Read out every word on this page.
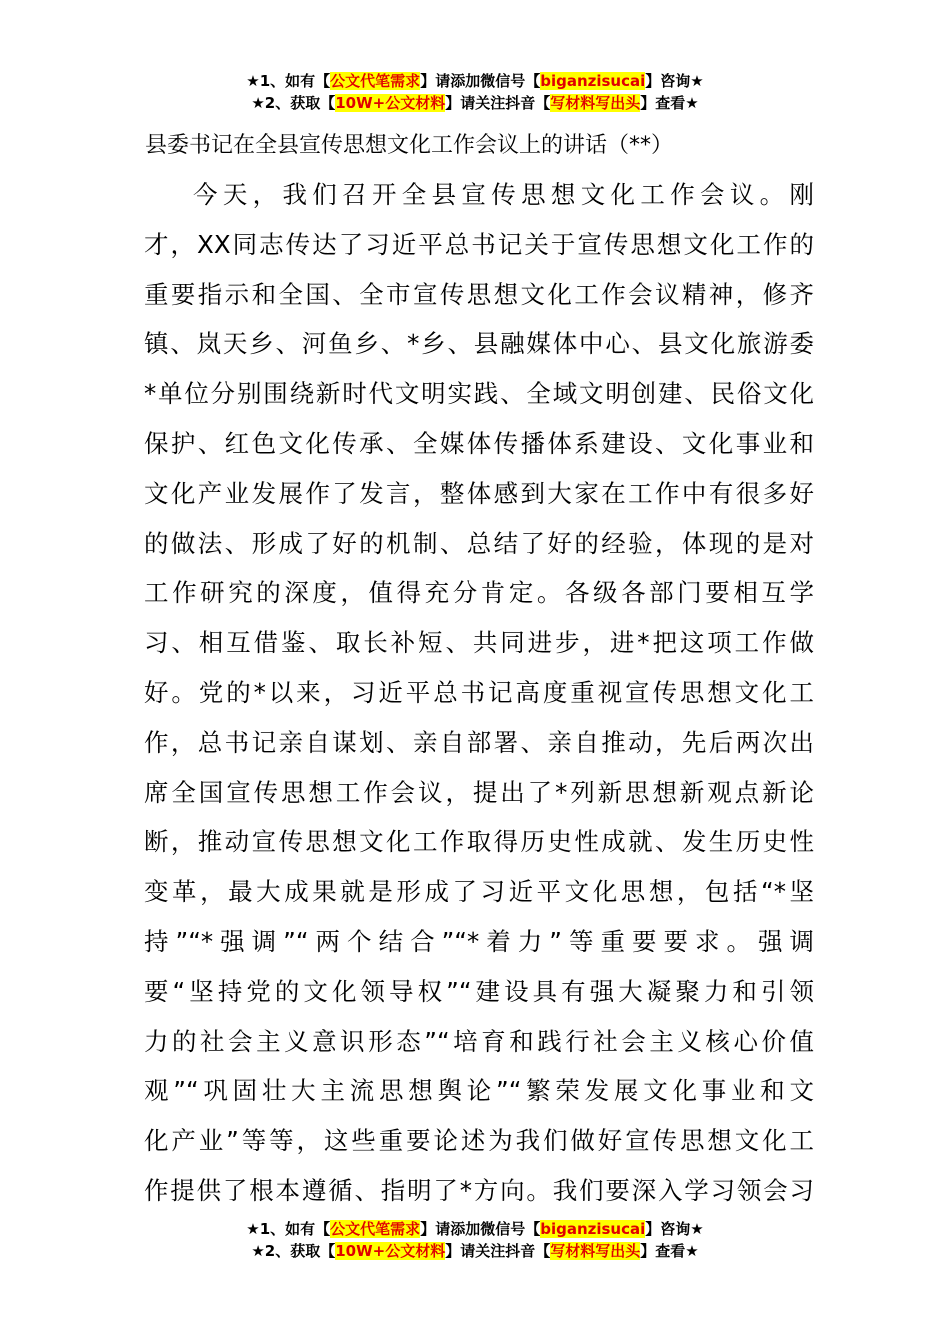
★1、如有【公文代笔需求】请添加微信号【biganzisucai】咨询★
★2、获取【10W+公文材料】请关注抖音【写材料写出头】查看★
县委书记在全县宣传思想文化工作会议上的讲话（**）
今天，我们召开全县宣传思想文化工作会议。刚
才，XX同志传达了习近平总书记关于宣传思想文化工作的
重要指示和全国、全市宣传思想文化工作会议精神，修齐
镇、岚天乡、河鱼乡、*乡、县融媒体中心、县文化旅游委
*单位分别围绕新时代文明实践、全域文明创建、民俗文化
保护、红色文化传承、全媒体传播体系建设、文化事业和
文化产业发展作了发言，整体感到大家在工作中有很多好
的做法、形成了好的机制、总结了好的经验，体现的是对
工作研究的深度，值得充分肯定。各级各部门要相互学
习、相互借鉴、取长补短、共同进步，进*把这项工作做
好。党的*以来，习近平总书记高度重视宣传思想文化工
作，总书记亲自谋划、亲自部署、亲自推动，先后两次出
席全国宣传思想工作会议，提出了*列新思想新观点新论
断，推动宣传思想文化工作取得历史性成就、发生历史性
变革，最大成果就是形成了习近平文化思想，包括“*坚
持”“*强调”“两个结合”“*着力”等重要要求。强调
要“坚持党的文化领导权”“建设具有强大凝聚力和引领
力的社会主义意识形态”“培育和践行社会主义核心价值
观”“巩固壮大主流思想舆论”“繁荣发展文化事业和文
化产业”等等，这些重要论述为我们做好宣传思想文化工
作提供了根本遵循、指明了*方向。我们要深入学习领会习
★1、如有【公文代笔需求】请添加微信号【biganzisucai】咨询★
★2、获取【10W+公文材料】请关注抖音【写材料写出头】查看★
